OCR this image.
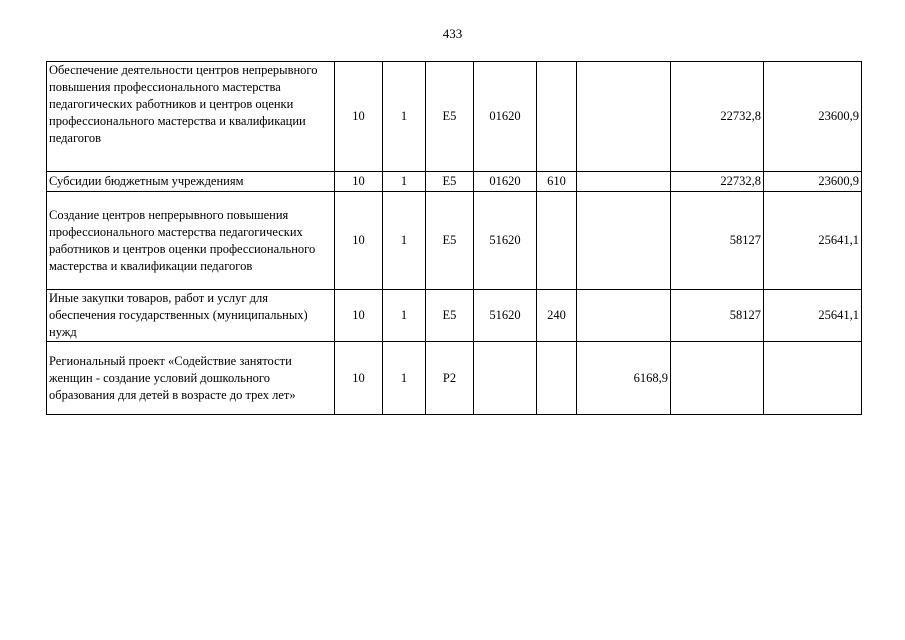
433
Обеспечение деятельности центров непрерывного повышения профессионального мастерства педагогических работников и центров оценки профессионального мастерства и квалификации педагогов	10	1	E5	01620			22732,8	23600,9
Субсидии бюджетным учреждениям	10	1	E5	01620	610		22732,8	23600,9
Создание центров непрерывного повышения профессионального мастерства педагогических работников и центров оценки профессионального мастерства и квалификации педагогов	10	1	E5	51620			58127	25641,1
Иные закупки товаров, работ и услуг для обеспечения государственных (муниципальных) нужд	10	1	E5	51620	240		58127	25641,1
Региональный проект «Содействие занятости женщин - создание условий дошкольного образования для детей в возрасте до трех лет»	10	1	P2			6168,9		
